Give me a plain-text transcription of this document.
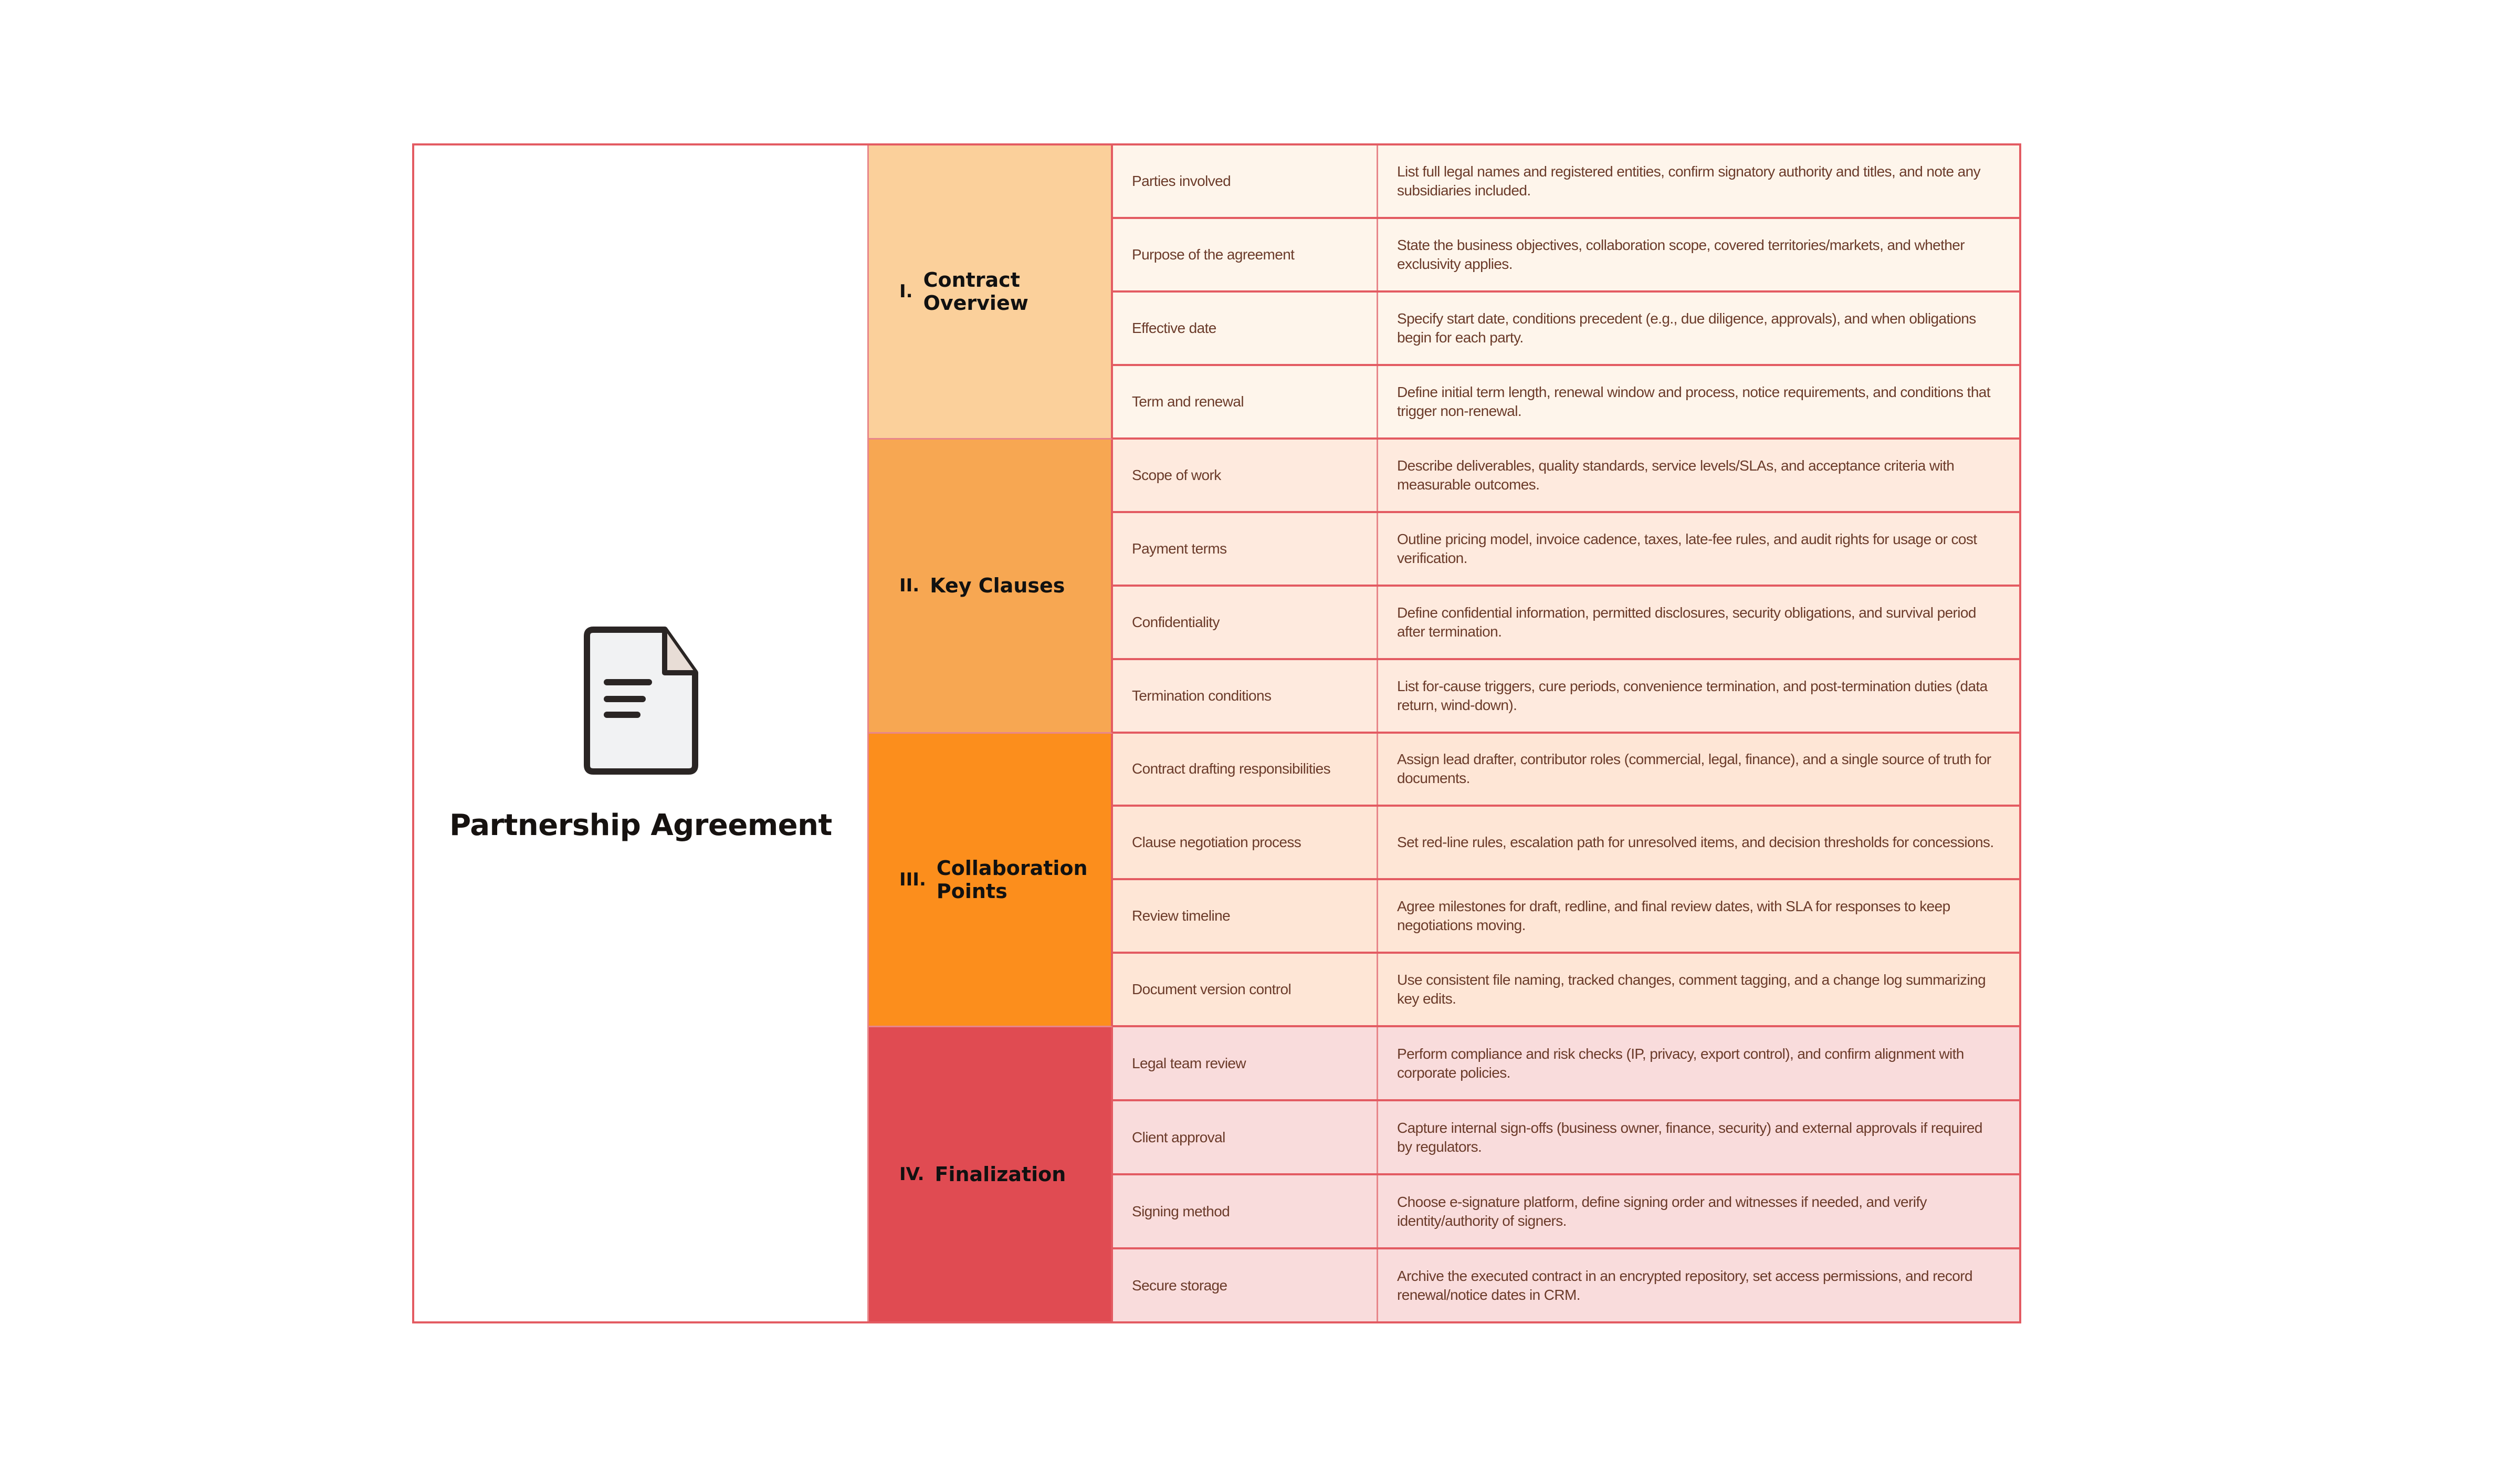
Partnership Agreement
I. Contract Overview
Parties involved
List full legal names and registered entities, confirm signatory authority and titles, and note any subsidiaries included.
Purpose of the agreement
State the business objectives, collaboration scope, covered territories/markets, and whether exclusivity applies.
Effective date
Specify start date, conditions precedent (e.g., due diligence, approvals), and when obligations begin for each party.
Term and renewal
Define initial term length, renewal window and process, notice requirements, and conditions that trigger non-renewal.
II. Key Clauses
Scope of work
Describe deliverables, quality standards, service levels/SLAs, and acceptance criteria with measurable outcomes.
Payment terms
Outline pricing model, invoice cadence, taxes, late-fee rules, and audit rights for usage or cost verification.
Confidentiality
Define confidential information, permitted disclosures, security obligations, and survival period after termination.
Termination conditions
List for-cause triggers, cure periods, convenience termination, and post-termination duties (data return, wind-down).
III. Collaboration Points
Contract drafting responsibilities
Assign lead drafter, contributor roles (commercial, legal, finance), and a single source of truth for documents.
Clause negotiation process	Set red-line rules, escalation path for unresolved items, and decision thresholds for concessions.
Review timeline
Agree milestones for draft, redline, and final review dates, with SLA for responses to keep negotiations moving.
Document version control
Use consistent file naming, tracked changes, comment tagging, and a change log summarizing key edits.
IV. Finalization
Legal team review
Perform compliance and risk checks (IP, privacy, export control), and confirm alignment with corporate policies.
Client approval
Capture internal sign-offs (business owner, finance, security) and external approvals if required by regulators.
Signing method
Choose e-signature platform, define signing order and witnesses if needed, and verify identity/authority of signers.
Secure storage
Archive the executed contract in an encrypted repository, set access permissions, and record renewal/notice dates in CRM.
